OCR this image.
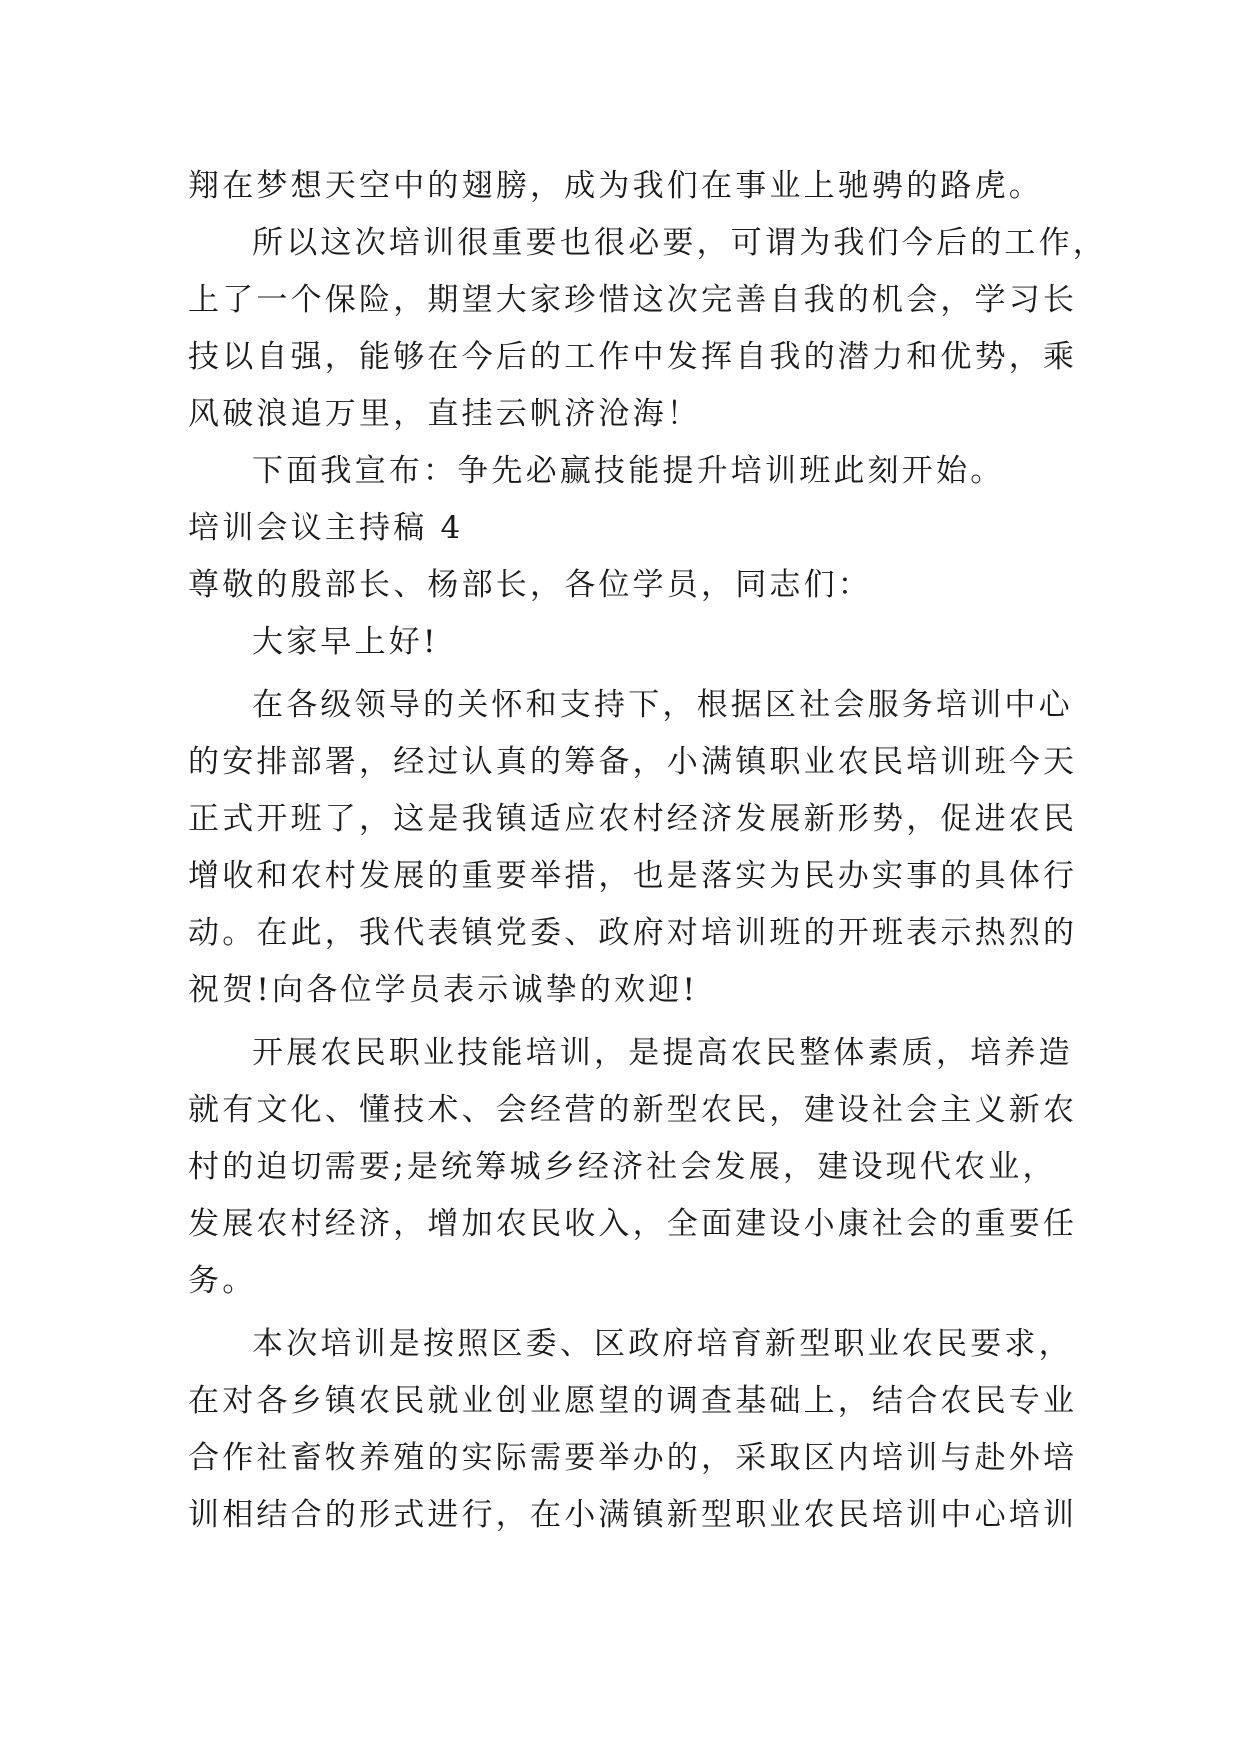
翔在梦想天空中的翅膀，成为我们在事业上驰骋的路虎。
所以这次培训很重要也很必要，可谓为我们今后的工作，
上了一个保险，期望大家珍惜这次完善自我的机会，学习长
技以自强，能够在今后的工作中发挥自我的潜力和优势，乘
风破浪追万里，直挂云帆济沧海！
下面我宣布：争先必赢技能提升培训班此刻开始。
培训会议主持稿 4
尊敬的殷部长、杨部长，各位学员，同志们：
大家早上好!
在各级领导的关怀和支持下，根据区社会服务培训中心
的安排部署，经过认真的筹备，小满镇职业农民培训班今天
正式开班了，这是我镇适应农村经济发展新形势，促进农民
增收和农村发展的重要举措，也是落实为民办实事的具体行
动。在此，我代表镇党委、政府对培训班的开班表示热烈的
祝贺!向各位学员表示诚挚的欢迎!
开展农民职业技能培训，是提高农民整体素质，培养造
就有文化、懂技术、会经营的新型农民，建设社会主义新农
村的迫切需要;是统筹城乡经济社会发展，建设现代农业，
发展农村经济，增加农民收入，全面建设小康社会的重要任
务。
本次培训是按照区委、区政府培育新型职业农民要求，
在对各乡镇农民就业创业愿望的调查基础上，结合农民专业
合作社畜牧养殖的实际需要举办的，采取区内培训与赴外培
训相结合的形式进行，在小满镇新型职业农民培训中心培训
